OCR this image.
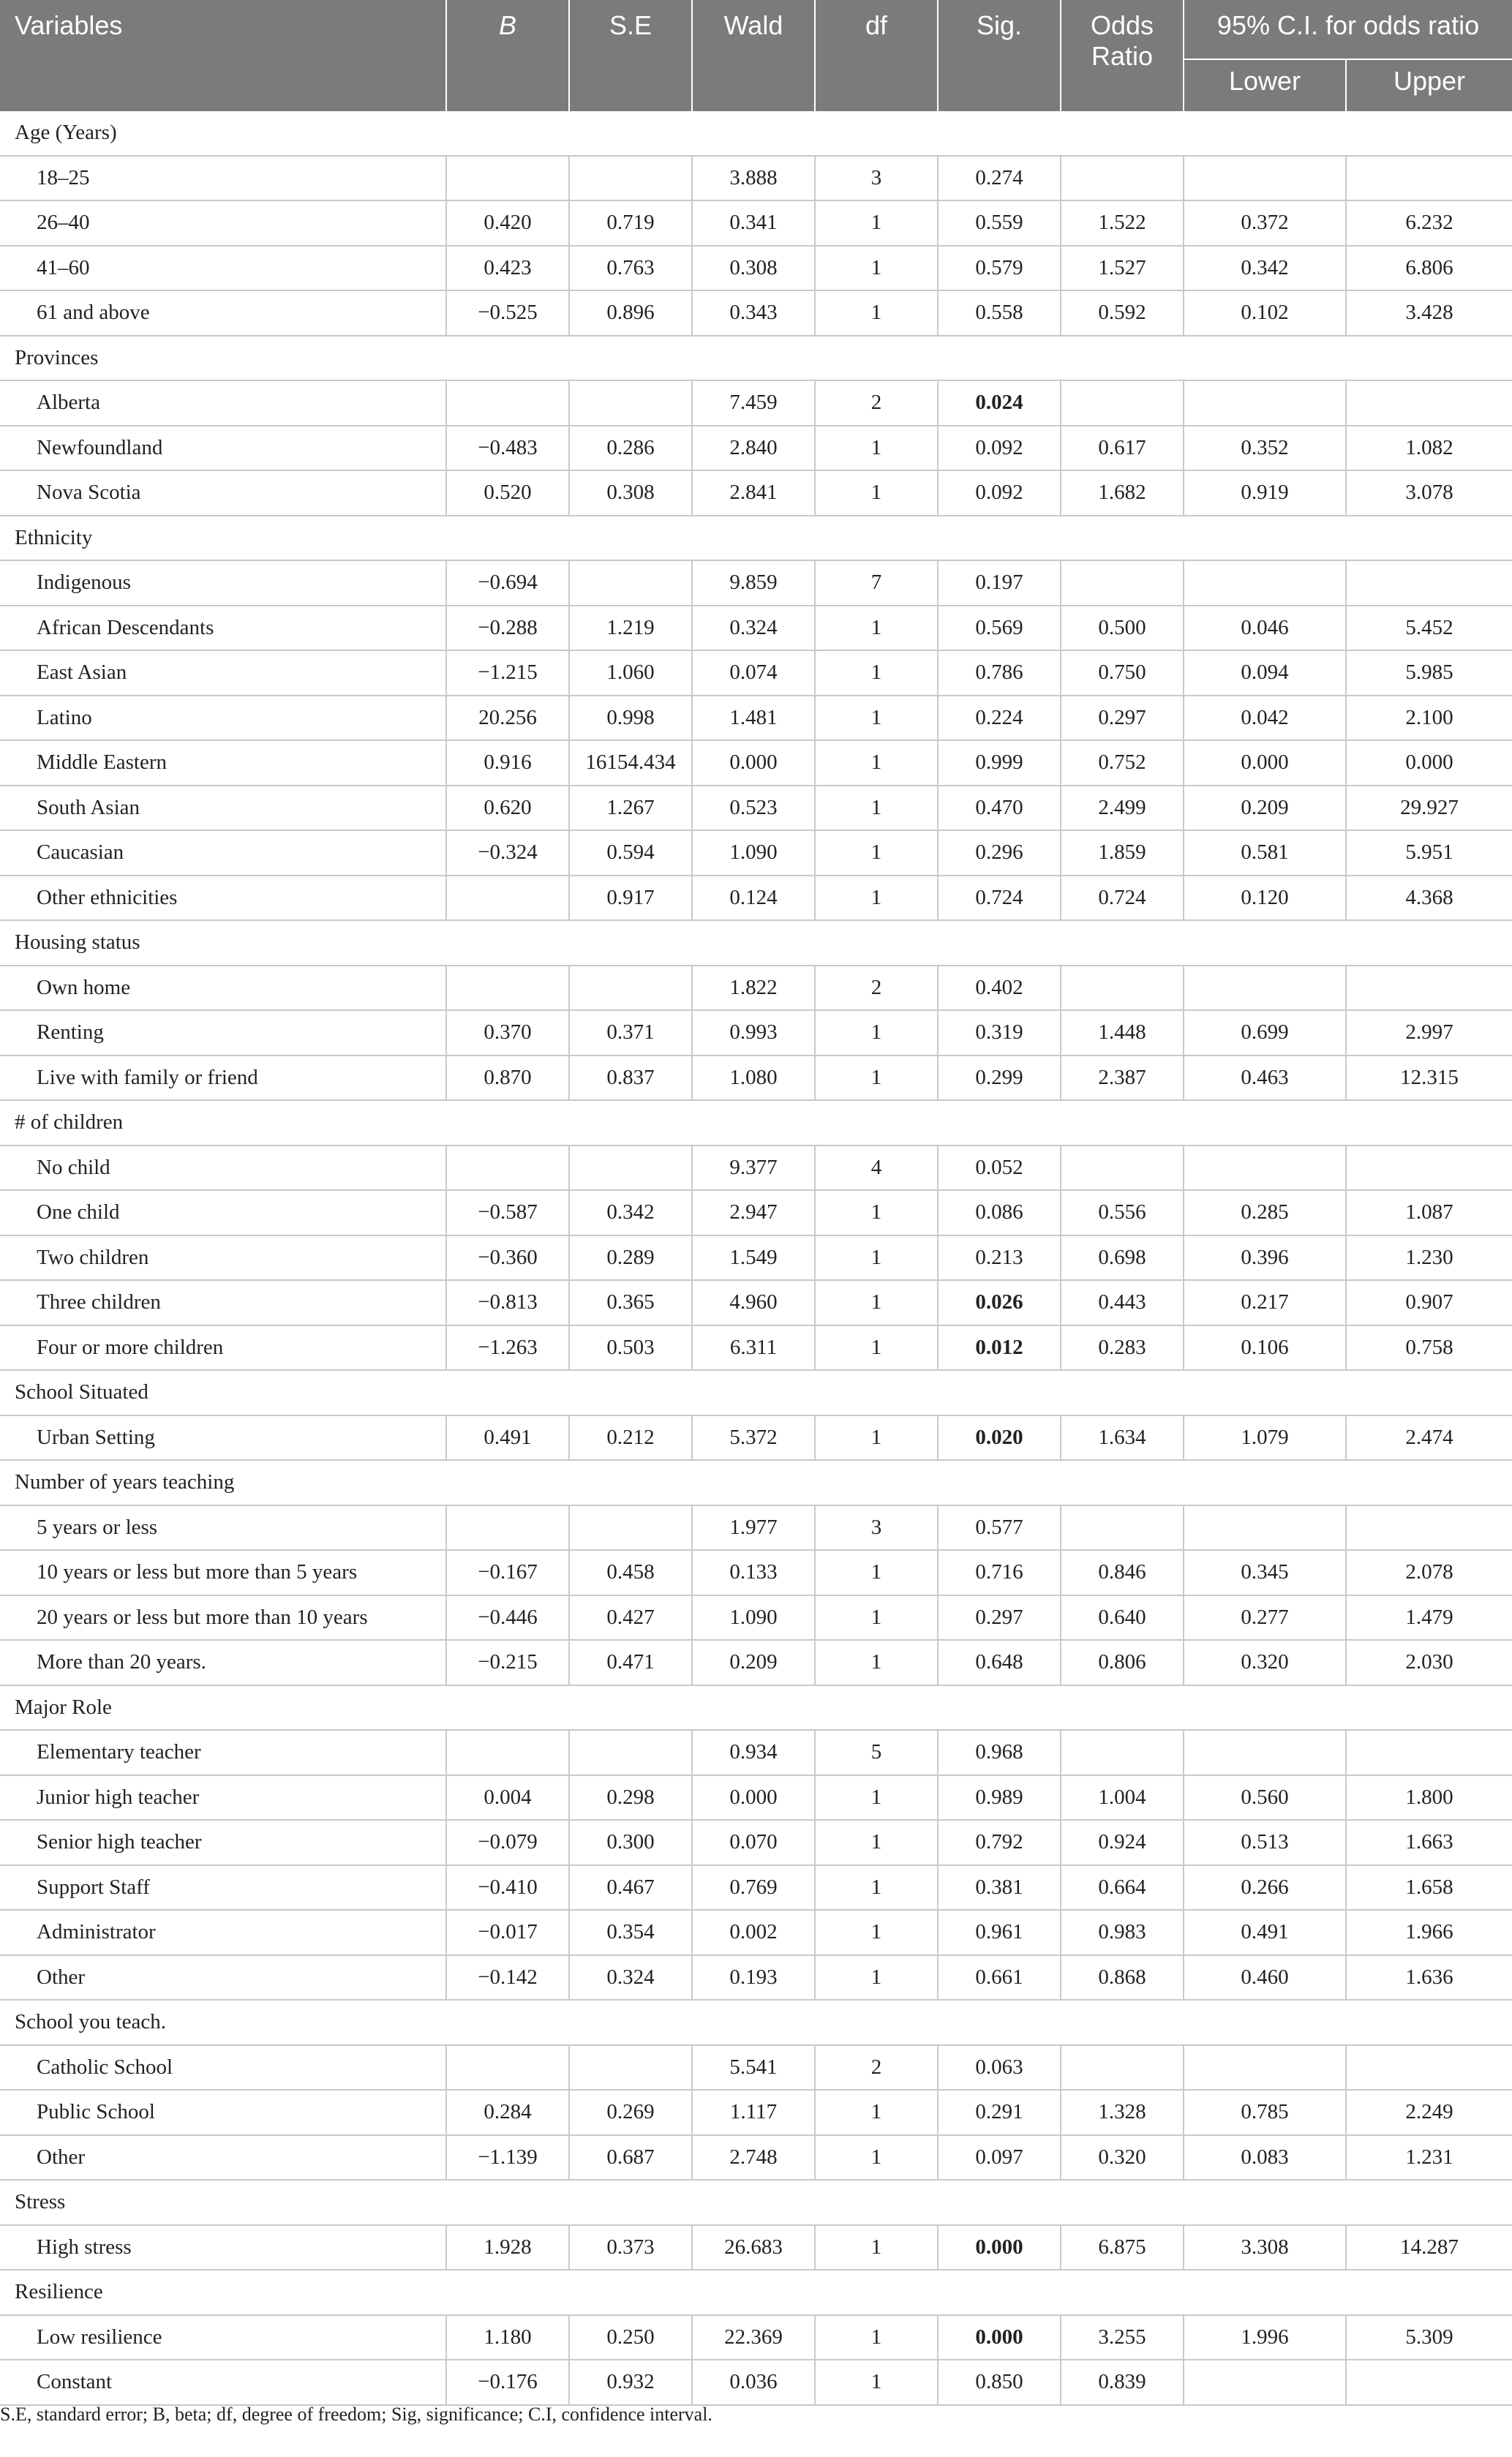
Variables	B	S.E	Wald	df	Sig.	Odds Ratio	95% C.I. for odds ratio	
							Lower	Upper
Age (Years)								
18–25			3.888	3	0.274			
26–40	0.420	0.719	0.341	1	0.559	1.522	0.372	6.232
41–60	0.423	0.763	0.308	1	0.579	1.527	0.342	6.806
61 and above	−0.525	0.896	0.343	1	0.558	0.592	0.102	3.428
Provinces								
Alberta			7.459	2	0.024			
Newfoundland	−0.483	0.286	2.840	1	0.092	0.617	0.352	1.082
Nova Scotia	0.520	0.308	2.841	1	0.092	1.682	0.919	3.078
Ethnicity								
Indigenous	−0.694		9.859	7	0.197			
African Descendants	−0.288	1.219	0.324	1	0.569	0.500	0.046	5.452
East Asian	−1.215	1.060	0.074	1	0.786	0.750	0.094	5.985
Latino	20.256	0.998	1.481	1	0.224	0.297	0.042	2.100
Middle Eastern	0.916	16154.434	0.000	1	0.999	0.752	0.000	0.000
South Asian	0.620	1.267	0.523	1	0.470	2.499	0.209	29.927
Caucasian	−0.324	0.594	1.090	1	0.296	1.859	0.581	5.951
Other ethnicities		0.917	0.124	1	0.724	0.724	0.120	4.368
Housing status								
Own home			1.822	2	0.402			
Renting	0.370	0.371	0.993	1	0.319	1.448	0.699	2.997
Live with family or friend	0.870	0.837	1.080	1	0.299	2.387	0.463	12.315
# of children								
No child			9.377	4	0.052			
One child	−0.587	0.342	2.947	1	0.086	0.556	0.285	1.087
Two children	−0.360	0.289	1.549	1	0.213	0.698	0.396	1.230
Three children	−0.813	0.365	4.960	1	0.026	0.443	0.217	0.907
Four or more children	−1.263	0.503	6.311	1	0.012	0.283	0.106	0.758
School Situated								
Urban Setting	0.491	0.212	5.372	1	0.020	1.634	1.079	2.474
Number of years teaching								
5 years or less			1.977	3	0.577			
10 years or less but more than 5 years	−0.167	0.458	0.133	1	0.716	0.846	0.345	2.078
20 years or less but more than 10 years	−0.446	0.427	1.090	1	0.297	0.640	0.277	1.479
More than 20 years.	−0.215	0.471	0.209	1	0.648	0.806	0.320	2.030
Major Role								
Elementary teacher			0.934	5	0.968			
Junior high teacher	0.004	0.298	0.000	1	0.989	1.004	0.560	1.800
Senior high teacher	−0.079	0.300	0.070	1	0.792	0.924	0.513	1.663
Support Staff	−0.410	0.467	0.769	1	0.381	0.664	0.266	1.658
Administrator	−0.017	0.354	0.002	1	0.961	0.983	0.491	1.966
Other	−0.142	0.324	0.193	1	0.661	0.868	0.460	1.636
School you teach.								
Catholic School			5.541	2	0.063			
Public School	0.284	0.269	1.117	1	0.291	1.328	0.785	2.249
Other	−1.139	0.687	2.748	1	0.097	0.320	0.083	1.231
Stress								
High stress	1.928	0.373	26.683	1	0.000	6.875	3.308	14.287
Resilience								
Low resilience	1.180	0.250	22.369	1	0.000	3.255	1.996	5.309
Constant	−0.176	0.932	0.036	1	0.850	0.839		
S.E, standard error; B, beta; df, degree of freedom; Sig, significance; C.I, confidence interval.
